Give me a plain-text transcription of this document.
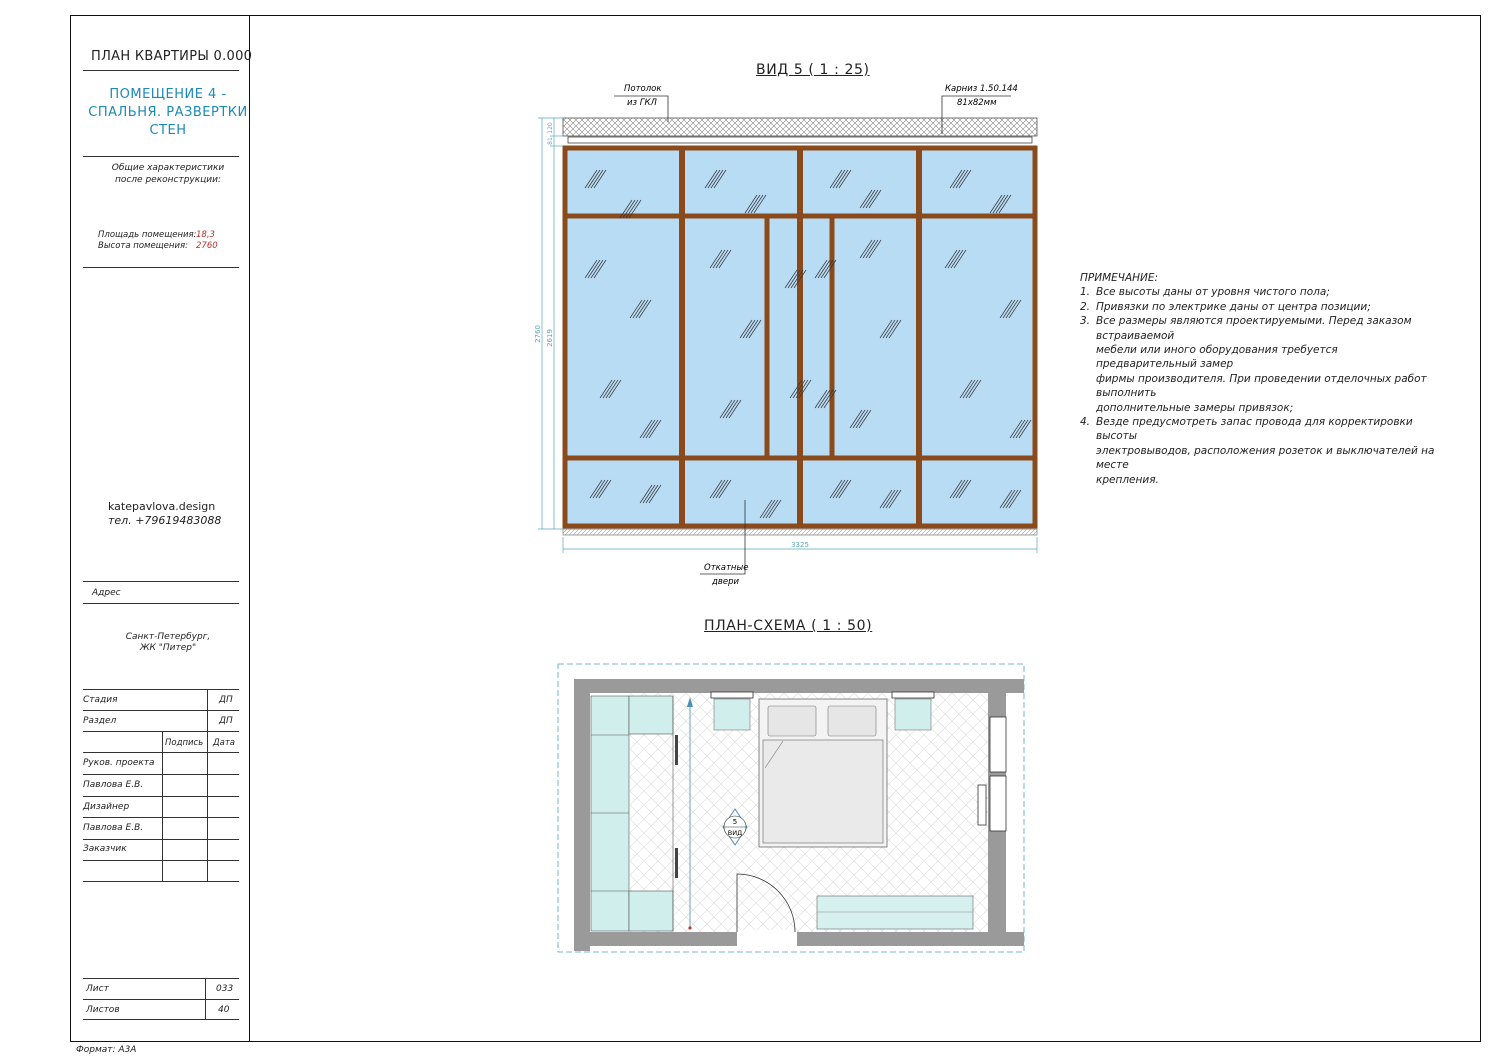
ПЛАН КВАРТИРЫ 0.000
ПОМЕЩЕНИЕ 4 -
СПАЛЬНЯ. РАЗВЕРТКИ
СТЕН
Общие характеристики
после реконструкции:
Площадь помещения: 18,3
Высота помещения: 2760
katepavlova.design
тел. +79619483088
Адрес
Санкт-Петербург,
ЖК "Питер"
Стадия	ДП
Раздел	ДП
Подпись Дата
Руков. проекта
Павлова Е.В.
Дизайнер
Павлова Е.В.
Заказчик
Лист	033
Листов	40
Формат: А3А
ВИД 5 ( 1 : 25)
2760 2619
120
81
3325
Потолок
из ГКЛ
Карниз 1.50.144
81х82мм
Откатные
двери
ПЛАН-СХЕМА ( 1 : 50)
5
ВИД
ПРИМЕЧАНИЕ:
1. Все высоты даны от уровня чистого пола;
2. Привязки по электрике даны от центра позиции;
3. Все размеры являются проектируемыми. Перед заказом встраиваемой
мебели или иного оборудования требуется предварительный замер
фирмы производителя. При проведении отделочных работ выполнить
дополнительные замеры привязок;
4. Везде предусмотреть запас провода для корректировки высоты
электровыводов, расположения розеток и выключателей на месте
крепления.
